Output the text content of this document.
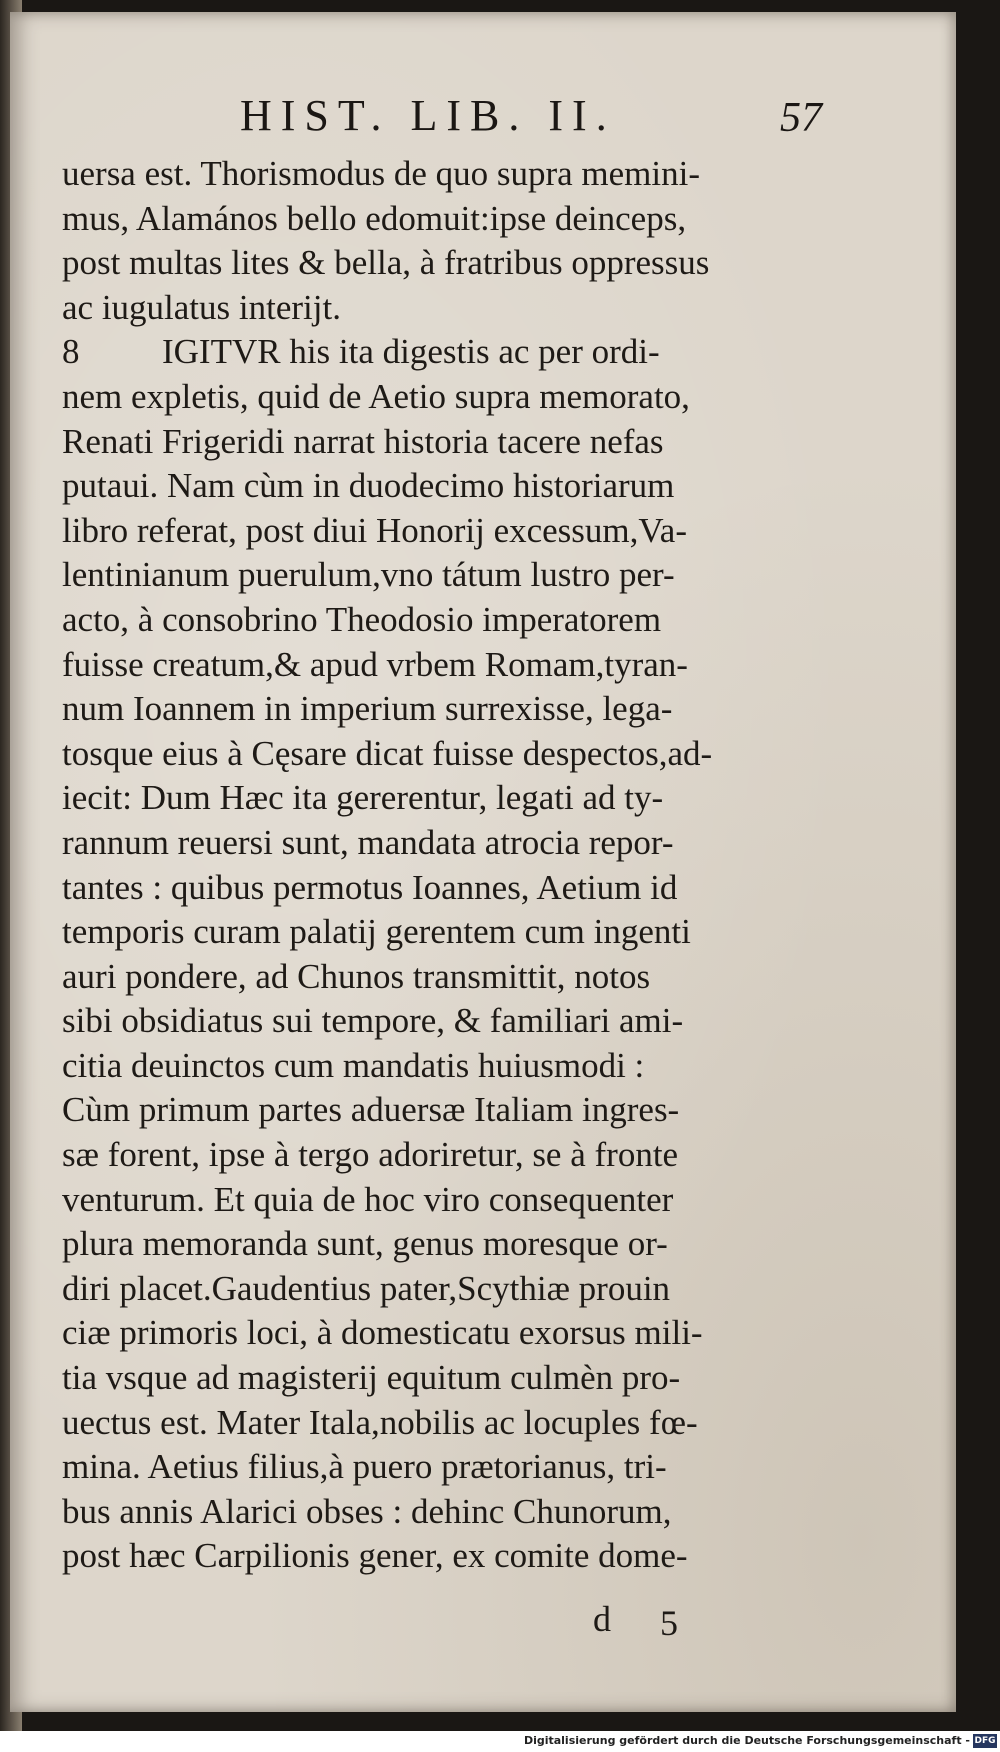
HIST. LIB. II.	57
uersa est. Thorismodus de quo supra memini-
mus, Alamános bello edomuit:ipse deinceps,
post multas lites & bella, à fratribus oppressus
ac iugulatus interijt.
8 IGITVR his ita digestis ac per ordi-
nem expletis, quid de Aetio supra memorato,
Renati Frigeridi narrat historia tacere nefas
putaui. Nam cùm in duodecimo historiarum
libro referat, post diui Honorij excessum,Va-
lentinianum puerulum,vno tátum lustro per-
acto, à consobrino Theodosio imperatorem
fuisse creatum,& apud vrbem Romam,tyran-
num Ioannem in imperium surrexisse, lega-
tosque eius à Cęsare dicat fuisse despectos,ad-
iecit: Dum Hæc ita gererentur, legati ad ty-
rannum reuersi sunt, mandata atrocia repor-
tantes : quibus permotus Ioannes, Aetium id
temporis curam palatij gerentem cum ingenti
auri pondere, ad Chunos transmittit, notos
sibi obsidiatus sui tempore, & familiari ami-
citia deuinctos cum mandatis huiusmodi :
Cùm primum partes aduersæ Italiam ingres-
sæ forent, ipse à tergo adoriretur, se à fronte
venturum. Et quia de hoc viro consequenter
plura memoranda sunt, genus moresque or-
diri placet.Gaudentius pater,Scythiæ prouin
ciæ primoris loci, à domesticatu exorsus mili-
tia vsque ad magisterij equitum culmèn pro-
uectus est. Mater Itala,nobilis ac locuples fœ-
mina. Aetius filius,à puero prætorianus, tri-
bus annis Alarici obses : dehinc Chunorum,
post hæc Carpilionis gener, ex comite dome-
d 5
Digitalisierung gefördert durch die Deutsche Forschungsgemeinschaft - DFG
